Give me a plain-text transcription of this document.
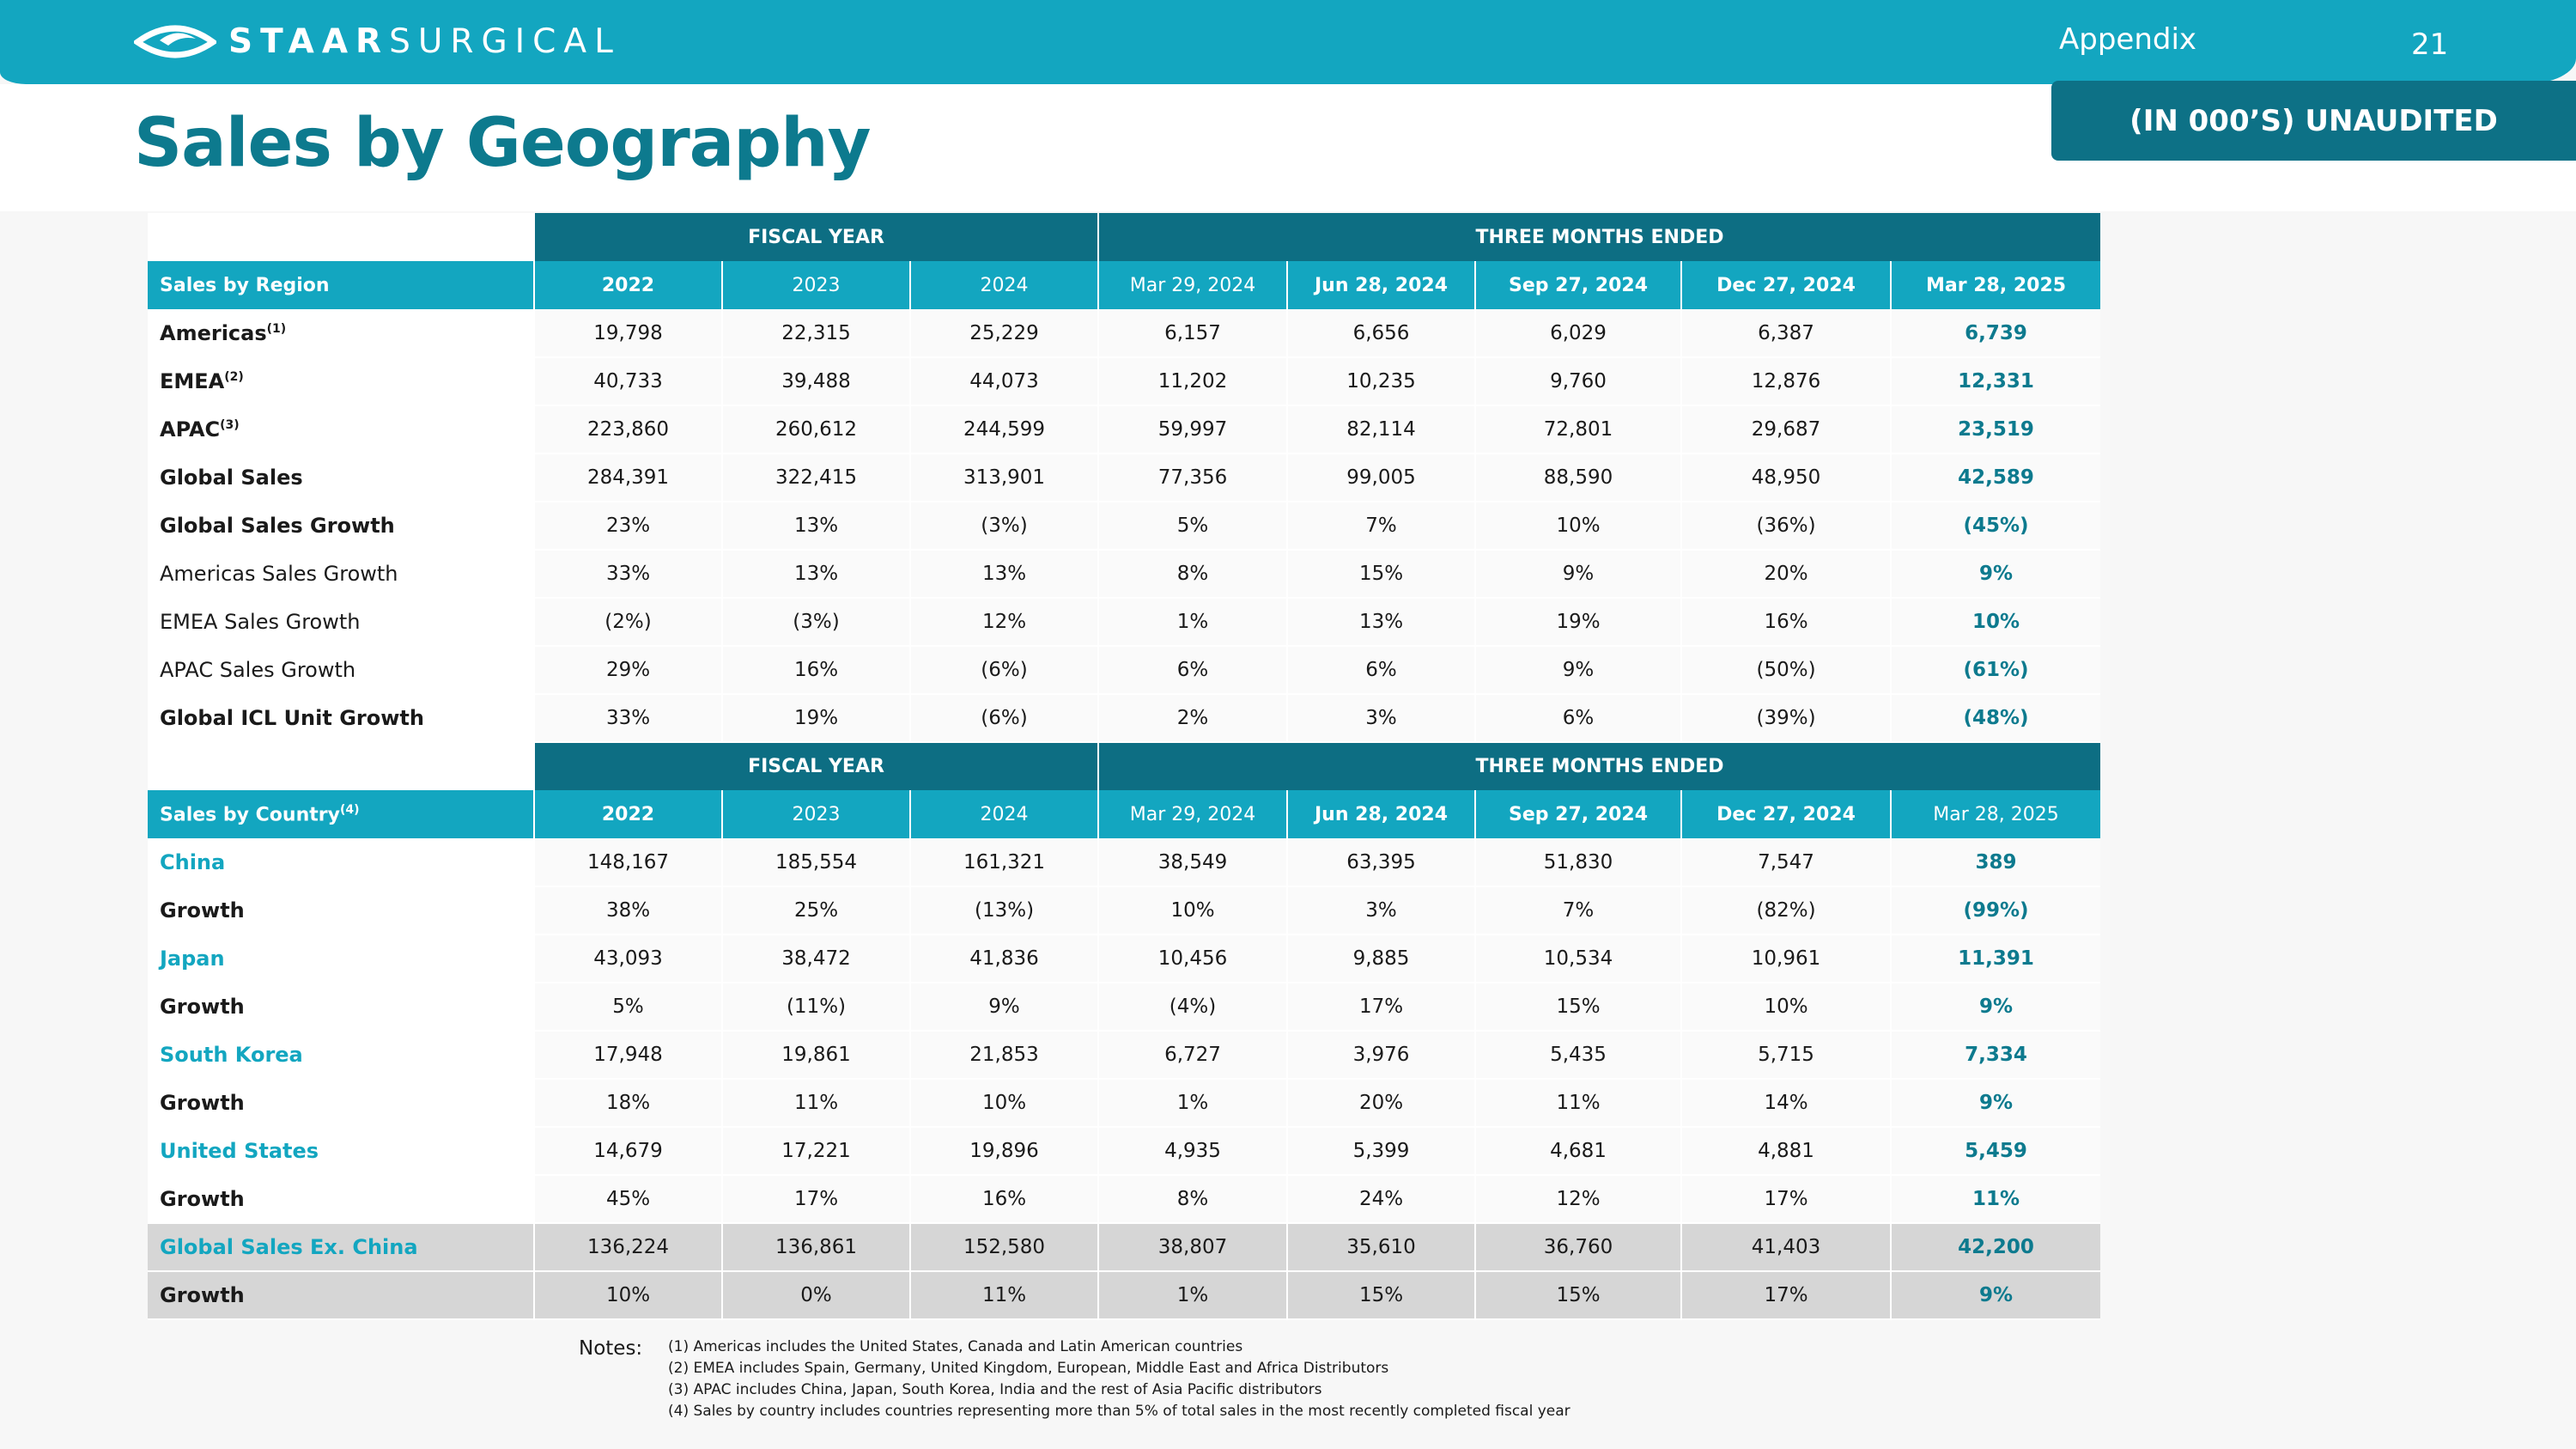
STAARSURGICAL	Appendix	21
Sales by Geography	(IN 000’S) UNAUDITED
	FISCAL YEAR			THREE MONTHS ENDED				
Sales by Region	2022	2023	2024	Mar 29, 2024	Jun 28, 2024	Sep 27, 2024	Dec 27, 2024	Mar 28, 2025
Americas$^{(1)}$	19,798	22,315	25,229	6,157	6,656	6,029	6,387	6,739
EMEA$^{(2)}$	40,733	39,488	44,073	11,202	10,235	9,760	12,876	12,331
APAC$^{(3)}$	223,860	260,612	244,599	59,997	82,114	72,801	29,687	23,519
Global Sales	284,391	322,415	313,901	77,356	99,005	88,590	48,950	42,589
Global Sales Growth	23%	13%	(3%)	5%	7%	10%	(36%)	(45%)
Americas Sales Growth	33%	13%	13%	8%	15%	9%	20%	9%
EMEA Sales Growth	(2%)	(3%)	12%	1%	13%	19%	16%	10%
APAC Sales Growth	29%	16%	(6%)	6%	6%	9%	(50%)	(61%)
Global ICL Unit Growth	33%	19%	(6%)	2%	3%	6%	(39%)	(48%)
	FISCAL YEAR			THREE MONTHS ENDED				
Sales by Country$^{(4)}$	2022	2023	2024	Mar 29, 2024	Jun 28, 2024	Sep 27, 2024	Dec 27, 2024	Mar 28, 2025
China	148,167	185,554	161,321	38,549	63,395	51,830	7,547	389
Growth	38%	25%	(13%)	10%	3%	7%	(82%)	(99%)
Japan	43,093	38,472	41,836	10,456	9,885	10,534	10,961	11,391
Growth	5%	(11%)	9%	(4%)	17%	15%	10%	9%
South Korea	17,948	19,861	21,853	6,727	3,976	5,435	5,715	7,334
Growth	18%	11%	10%	1%	20%	11%	14%	9%
United States	14,679	17,221	19,896	4,935	5,399	4,681	4,881	5,459
Growth	45%	17%	16%	8%	24%	12%	17%	11%
Global Sales Ex. China	136,224	136,861	152,580	38,807	35,610	36,760	41,403	42,200
Growth	10%	0%	11%	1%	15%	15%	17%	9%
Notes: (1) Americas includes the United States, Canada and Latin American countries
(2) EMEA includes Spain, Germany, United Kingdom, European, Middle East and Africa Distributors
(3) APAC includes China, Japan, South Korea, India and the rest of Asia Pacific distributors
(4) Sales by country includes countries representing more than 5% of total sales in the most recently completed fiscal year
